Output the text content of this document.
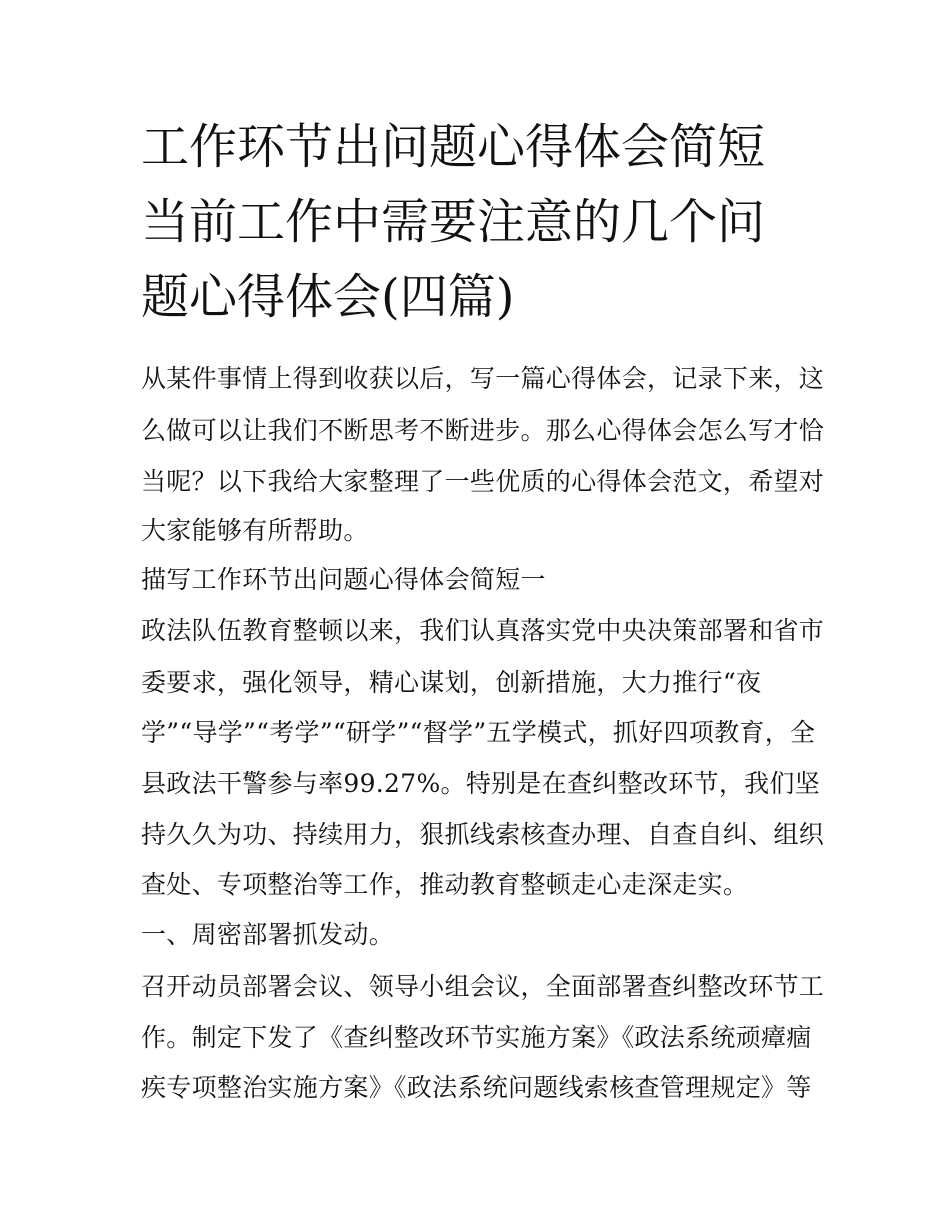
工作环节出问题心得体会简短
当前工作中需要注意的几个问
题心得体会(四篇)
从某件事情上得到收获以后，写一篇心得体会，记录下来，这
么做可以让我们不断思考不断进步。那么心得体会怎么写才恰
当呢？以下我给大家整理了一些优质的心得体会范文，希望对
大家能够有所帮助。
描写工作环节出问题心得体会简短一
政法队伍教育整顿以来，我们认真落实党中央决策部署和省市
委要求，强化领导，精心谋划，创新措施，大力推行“夜
学”“导学”“考学”“研学”“督学”五学模式，抓好四项教育，全
县政法干警参与率99.27%。特别是在查纠整改环节，我们坚
持久久为功、持续用力，狠抓线索核查办理、自查自纠、组织
查处、专项整治等工作，推动教育整顿走心走深走实。
一、周密部署抓发动。
召开动员部署会议、领导小组会议，全面部署查纠整改环节工
作。制定下发了《查纠整改环节实施方案》《政法系统顽瘴痼
疾专项整治实施方案》《政法系统问题线索核查管理规定》等
